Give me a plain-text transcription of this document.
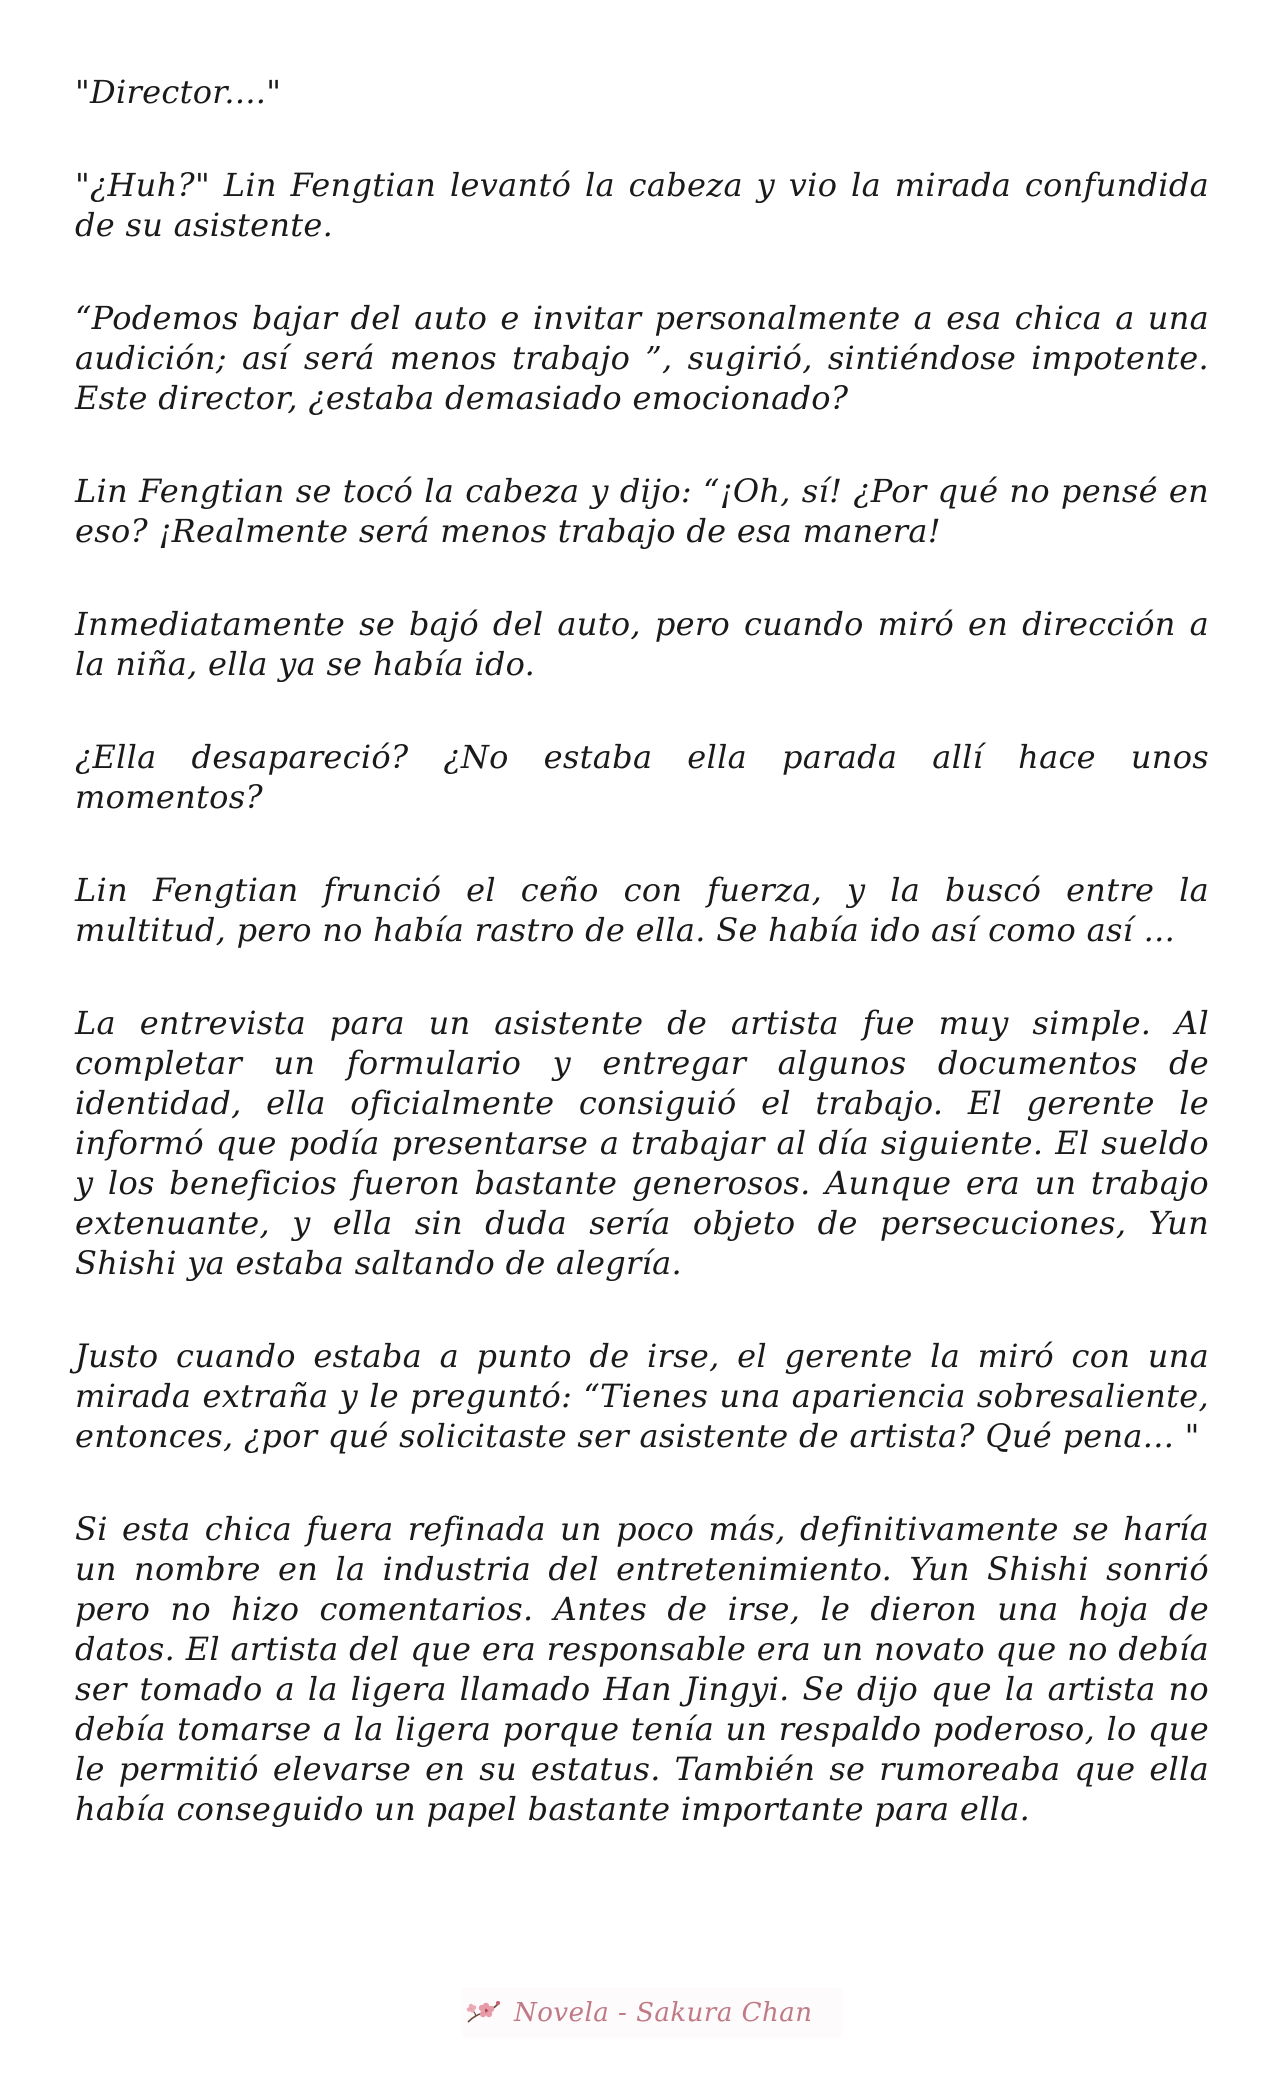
"Director...."

"¿Huh?" Lin Fengtian levantó la cabeza y vio la mirada confundida de su asistente.

“Podemos bajar del auto e invitar personalmente a esa chica a una audición; así será menos trabajo ”, sugirió, sintiéndose impotente. Este director, ¿estaba demasiado emocionado?

Lin Fengtian se tocó la cabeza y dijo: “¡Oh, sí! ¿Por qué no pensé en eso? ¡Realmente será menos trabajo de esa manera!

Inmediatamente se bajó del auto, pero cuando miró en dirección a la niña, ella ya se había ido.

¿Ella desapareció? ¿No estaba ella parada allí hace unos momentos?

Lin Fengtian frunció el ceño con fuerza, y la buscó entre la multitud, pero no había rastro de ella. Se había ido así como así ...

La entrevista para un asistente de artista fue muy simple. Al completar un formulario y entregar algunos documentos de identidad, ella oficialmente consiguió el trabajo. El gerente le informó que podía presentarse a trabajar al día siguiente. El sueldo y los beneficios fueron bastante generosos. Aunque era un trabajo extenuante, y ella sin duda sería objeto de persecuciones, Yun Shishi ya estaba saltando de alegría.

Justo cuando estaba a punto de irse, el gerente la miró con una mirada extraña y le preguntó: “Tienes una apariencia sobresaliente, entonces, ¿por qué solicitaste ser asistente de artista? Qué pena... "

Si esta chica fuera refinada un poco más, definitivamente se haría un nombre en la industria del entretenimiento. Yun Shishi sonrió pero no hizo comentarios. Antes de irse, le dieron una hoja de datos. El artista del que era responsable era un novato que no debía ser tomado a la ligera llamado Han Jingyi. Se dijo que la artista no debía tomarse a la ligera porque tenía un respaldo poderoso, lo que le permitió elevarse en su estatus. También se rumoreaba que ella había conseguido un papel bastante importante para ella.

Novela - Sakura Chan
